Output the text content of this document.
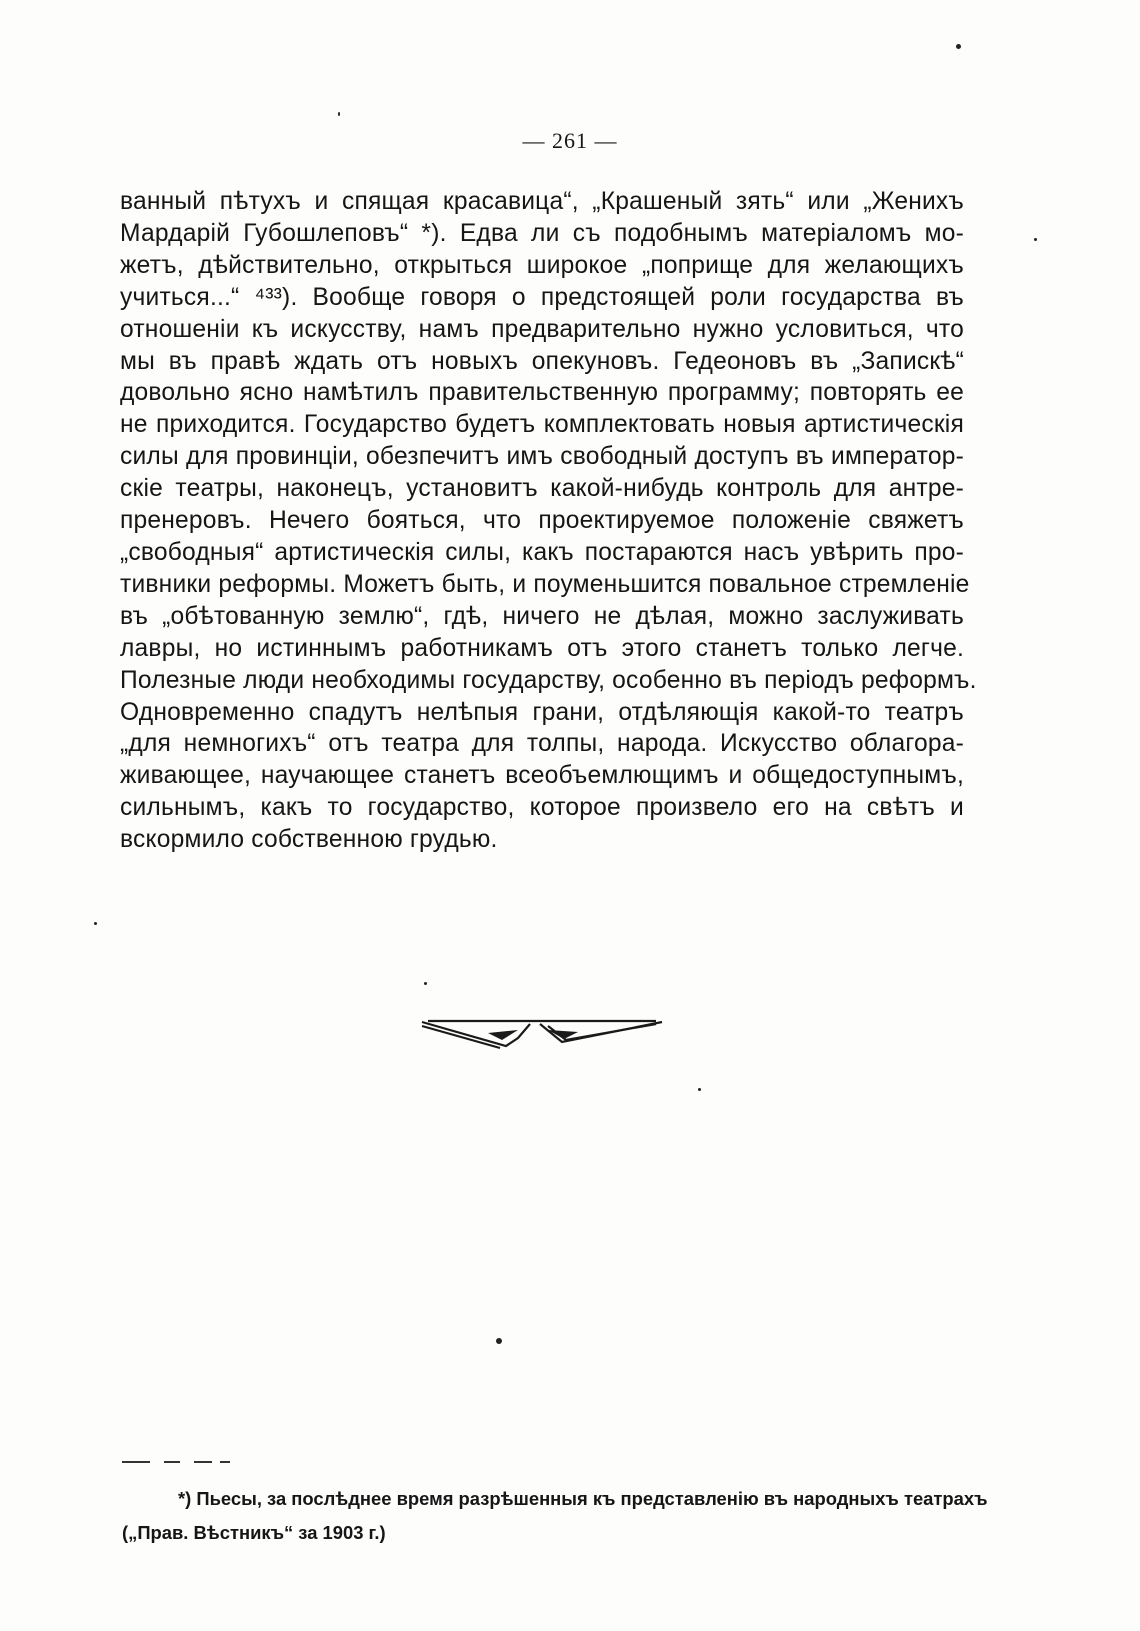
— 261 —
ванный пѣтухъ и спящая красавица“, „Крашеный зять“ или „Женихъ
Мардарій Губошлеповъ“ *). Едва ли съ подобнымъ матеріаломъ мо-
жетъ, дѣйствительно, открыться широкое „поприще для желающихъ
учиться...“ ⁴³³). Вообще говоря о предстоящей роли государства въ
отношеніи къ искусству, намъ предварительно нужно условиться, что
мы въ правѣ ждать отъ новыхъ опекуновъ. Гедеоновъ въ „Запискѣ“
довольно ясно намѣтилъ правительственную программу; повторять ее
не приходится. Государство будетъ комплектовать новыя артистическія
силы для провинціи, обезпечитъ имъ свободный доступъ въ император-
скіе театры, наконецъ, установитъ какой-нибудь контроль для антре-
пренеровъ. Нечего бояться, что проектируемое положеніе свяжетъ
„свободныя“ артистическія силы, какъ постараются насъ увѣрить про-
тивники реформы. Можетъ быть, и поуменьшится повальное стремленіе
въ „обѣтованную землю“, гдѣ, ничего не дѣлая, можно заслуживать
лавры, но истиннымъ работникамъ отъ этого станетъ только легче.
Полезные люди необходимы государству, особенно въ періодъ реформъ.
Одновременно спадутъ нелѣпыя грани, отдѣляющія какой-то театръ
„для немногихъ“ отъ театра для толпы, народа. Искусство облагора-
живающее, научающее станетъ всеобъемлющимъ и общедоступнымъ,
сильнымъ, какъ то государство, которое произвело его на свѣтъ и
вскормило собственною грудью.
*) Пьесы, за послѣднее время разрѣшенныя къ представленію въ народныхъ театрахъ
(„Прав. Вѣстникъ“ за 1903 г.)
